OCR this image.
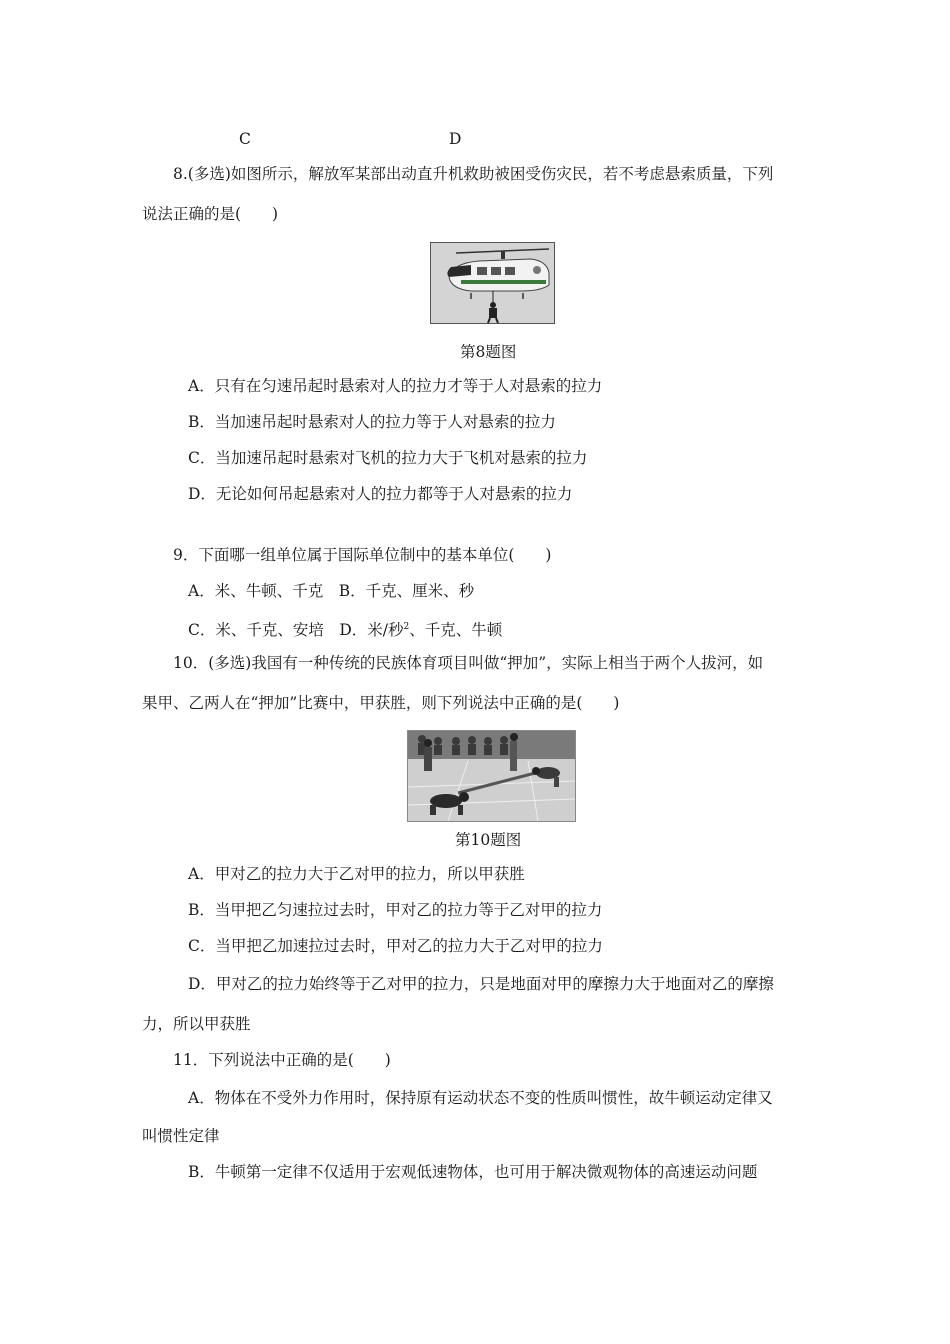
C	D
8.(多选)如图所示，解放军某部出动直升机救助被困受伤灾民，若不考虑悬索质量，下列
说法正确的是(　　)
第8题图
A．只有在匀速吊起时悬索对人的拉力才等于人对悬索的拉力
B．当加速吊起时悬索对人的拉力等于人对悬索的拉力
C．当加速吊起时悬索对飞机的拉力大于飞机对悬索的拉力
D．无论如何吊起悬索对人的拉力都等于人对悬索的拉力
9．下面哪一组单位属于国际单位制中的基本单位(　　)
A．米、牛顿、千克　B．千克、厘米、秒
C．米、千克、安培　D．米/秒$^2$、千克、牛顿
10．(多选)我国有一种传统的民族体育项目叫做“押加”，实际上相当于两个人拔河，如
果甲、乙两人在“押加”比赛中，甲获胜，则下列说法中正确的是(　　)
第10题图
A．甲对乙的拉力大于乙对甲的拉力，所以甲获胜
B．当甲把乙匀速拉过去时，甲对乙的拉力等于乙对甲的拉力
C．当甲把乙加速拉过去时，甲对乙的拉力大于乙对甲的拉力
D．甲对乙的拉力始终等于乙对甲的拉力，只是地面对甲的摩擦力大于地面对乙的摩擦
力，所以甲获胜
11．下列说法中正确的是(　　)
A．物体在不受外力作用时，保持原有运动状态不变的性质叫惯性，故牛顿运动定律又
叫惯性定律
B．牛顿第一定律不仅适用于宏观低速物体，也可用于解决微观物体的高速运动问题
